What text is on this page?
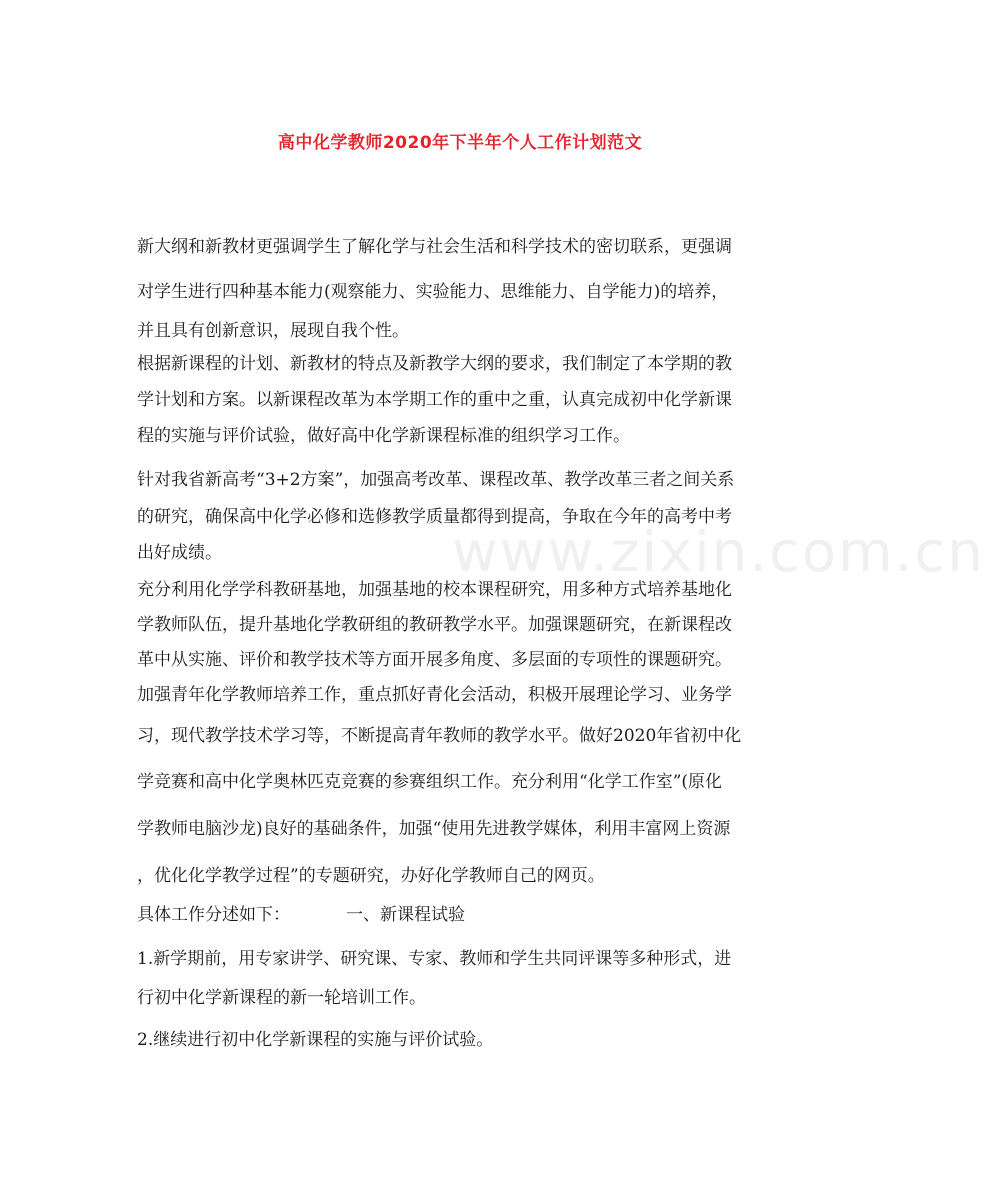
www.zixin.com.cn
高中化学教师2020年下半年个人工作计划范文
新大纲和新教材更强调学生了解化学与社会生活和科学技术的密切联系，更强调
对学生进行四种基本能力(观察能力、实验能力、思维能力、自学能力)的培养，
并且具有创新意识，展现自我个性。
根据新课程的计划、新教材的特点及新教学大纲的要求，我们制定了本学期的教
学计划和方案。以新课程改革为本学期工作的重中之重，认真完成初中化学新课
程的实施与评价试验，做好高中化学新课程标准的组织学习工作。
针对我省新高考“3+2方案”，加强高考改革、课程改革、教学改革三者之间关系
的研究，确保高中化学必修和选修教学质量都得到提高，争取在今年的高考中考
出好成绩。
充分利用化学学科教研基地，加强基地的校本课程研究，用多种方式培养基地化
学教师队伍，提升基地化学教研组的教研教学水平。加强课题研究，在新课程改
革中从实施、评价和教学技术等方面开展多角度、多层面的专项性的课题研究。
加强青年化学教师培养工作，重点抓好青化会活动，积极开展理论学习、业务学
习，现代教学技术学习等，不断提高青年教师的教学水平。做好2020年省初中化
学竞赛和高中化学奥林匹克竞赛的参赛组织工作。充分利用“化学工作室”(原化
学教师电脑沙龙)良好的基础条件，加强“使用先进教学媒体，利用丰富网上资源
，优化化学教学过程”的专题研究，办好化学教师自己的网页。
具体工作分述如下：	一、新课程试验
1.新学期前，用专家讲学、研究课、专家、教师和学生共同评课等多种形式，进
行初中化学新课程的新一轮培训工作。
2.继续进行初中化学新课程的实施与评价试验。
